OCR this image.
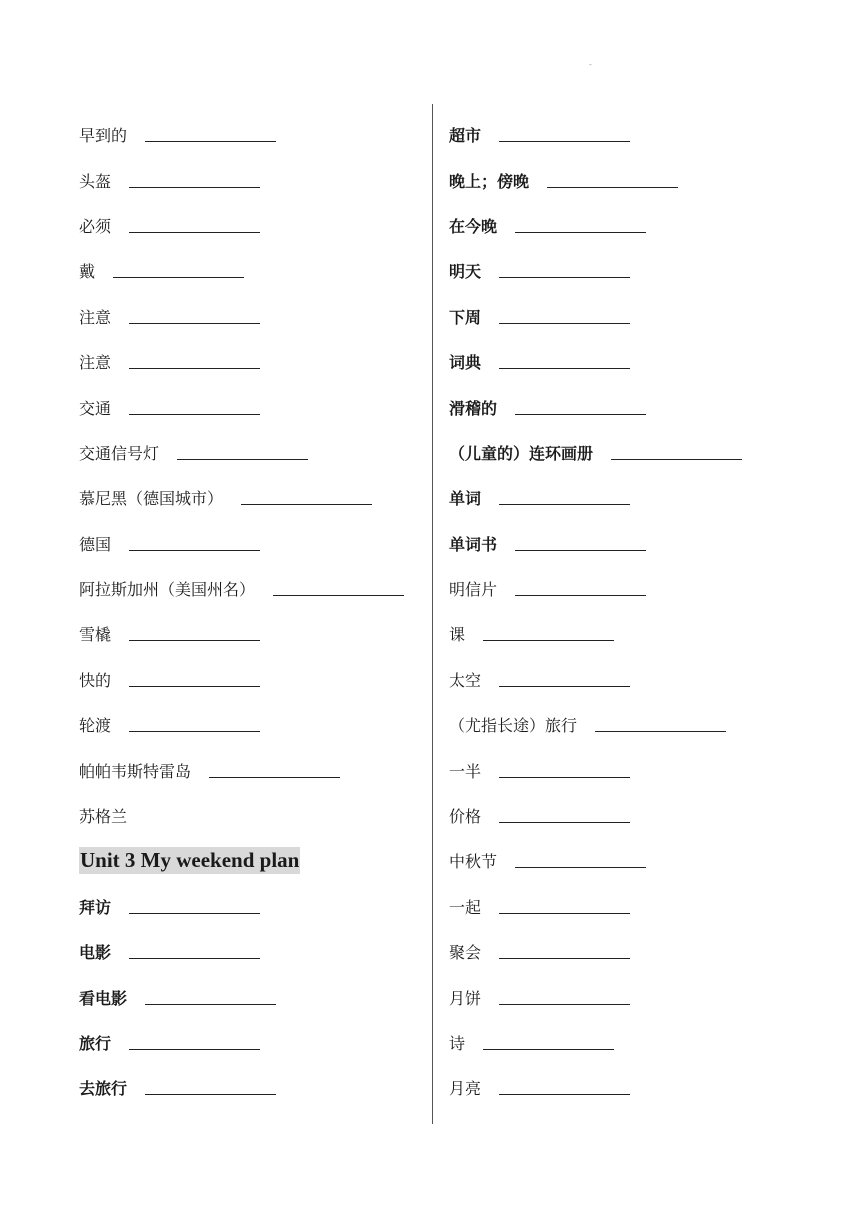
-
早到的
头盔
必须
戴
注意
注意
交通
交通信号灯
慕尼黑（德国城市）
德国
阿拉斯加州（美国州名）
雪橇
快的
轮渡
帕帕韦斯特雷岛
苏格兰
Unit 3 My weekend plan
拜访
电影
看电影
旅行
去旅行
超市
晚上；傍晚
在今晚
明天
下周
词典
滑稽的
（儿童的）连环画册
单词
单词书
明信片
课
太空
（尤指长途）旅行
一半
价格
中秋节
一起
聚会
月饼
诗
月亮
